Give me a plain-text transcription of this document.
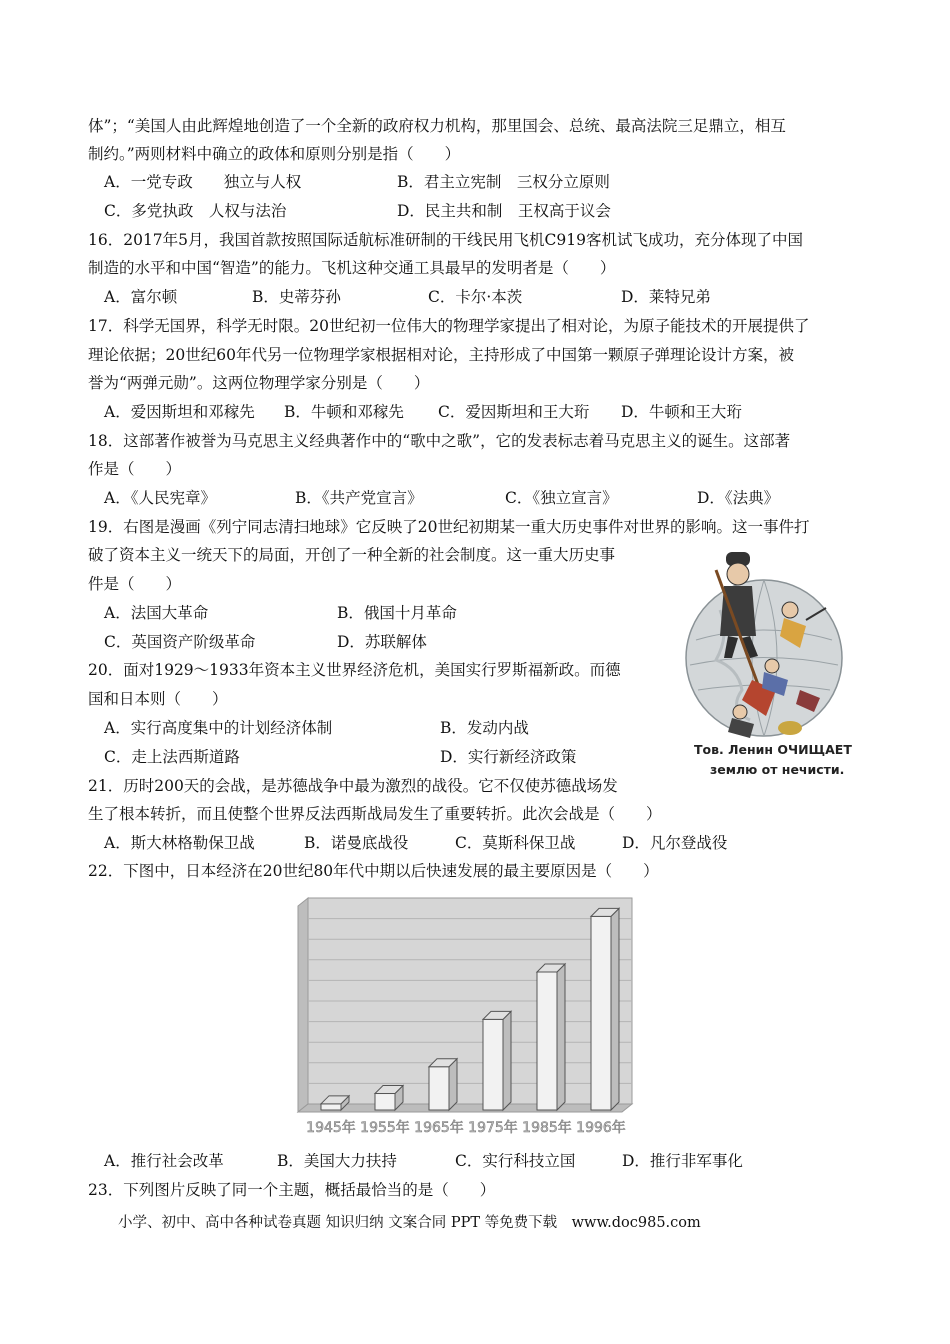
体”；“美国人由此辉煌地创造了一个全新的政府权力机构，那里国会、总统、最高法院三足鼎立，相互
制约。”两则材料中确立的政体和原则分别是指（　　）
A．一党专政　　独立与人权	B．君主立宪制　三权分立原则
C．多党执政　人权与法治	D．民主共和制　王权高于议会
16．2017年5月，我国首款按照国际适航标准研制的干线民用飞机C919客机试飞成功，充分体现了中国
制造的水平和中国“智造”的能力。飞机这种交通工具最早的发明者是（　　）
A．富尔顿	B．史蒂芬孙	C．卡尔·本茨	D．莱特兄弟
17．科学无国界，科学无时限。20世纪初一位伟大的物理学家提出了相对论，为原子能技术的开展提供了
理论依据；20世纪60年代另一位物理学家根据相对论，主持形成了中国第一颗原子弹理论设计方案，被
誉为“两弹元勋”。这两位物理学家分别是（　　）
A．爱因斯坦和邓稼先 B．牛顿和邓稼先 C．爱因斯坦和王大珩 D．牛顿和王大珩
18．这部著作被誉为马克思主义经典著作中的“歌中之歌”，它的发表标志着马克思主义的诞生。这部著
作是（　　）
A．《人民宪章》	B．《共产党宣言》	C．《独立宣言》	D．《法典》
19．右图是漫画《列宁同志清扫地球》它反映了20世纪初期某一重大历史事件对世界的影响。这一事件打
破了资本主义一统天下的局面，开创了一种全新的社会制度。这一重大历史事
件是（　　）
A．法国大革命	B．俄国十月革命
C．英国资产阶级革命	D．苏联解体
Тов. Ленин ОЧИЩАЕТ
землю от нечисти.
20．面对1929～1933年资本主义世界经济危机，美国实行罗斯福新政。而德
国和日本则（　　）
A．实行高度集中的计划经济体制	B．发动内战
C．走上法西斯道路	D．实行新经济政策
21．历时200天的会战，是苏德战争中最为激烈的战役。它不仅使苏德战场发
生了根本转折，而且使整个世界反法西斯战局发生了重要转折。此次会战是（　　）
A．斯大林格勒保卫战	B．诺曼底战役	C．莫斯科保卫战	D．凡尔登战役
22．下图中，日本经济在20世纪80年代中期以后快速发展的最主要原因是（　　）
1945年 1955年 1965年 1975年 1985年 1996年
A．推行社会改革	B．美国大力扶持	C．实行科技立国	D．推行非军事化
23．下列图片反映了同一个主题，概括最恰当的是（　　）
小学、初中、高中各种试卷真题 知识归纳 文案合同 PPT 等免费下载　www.doc985.com
